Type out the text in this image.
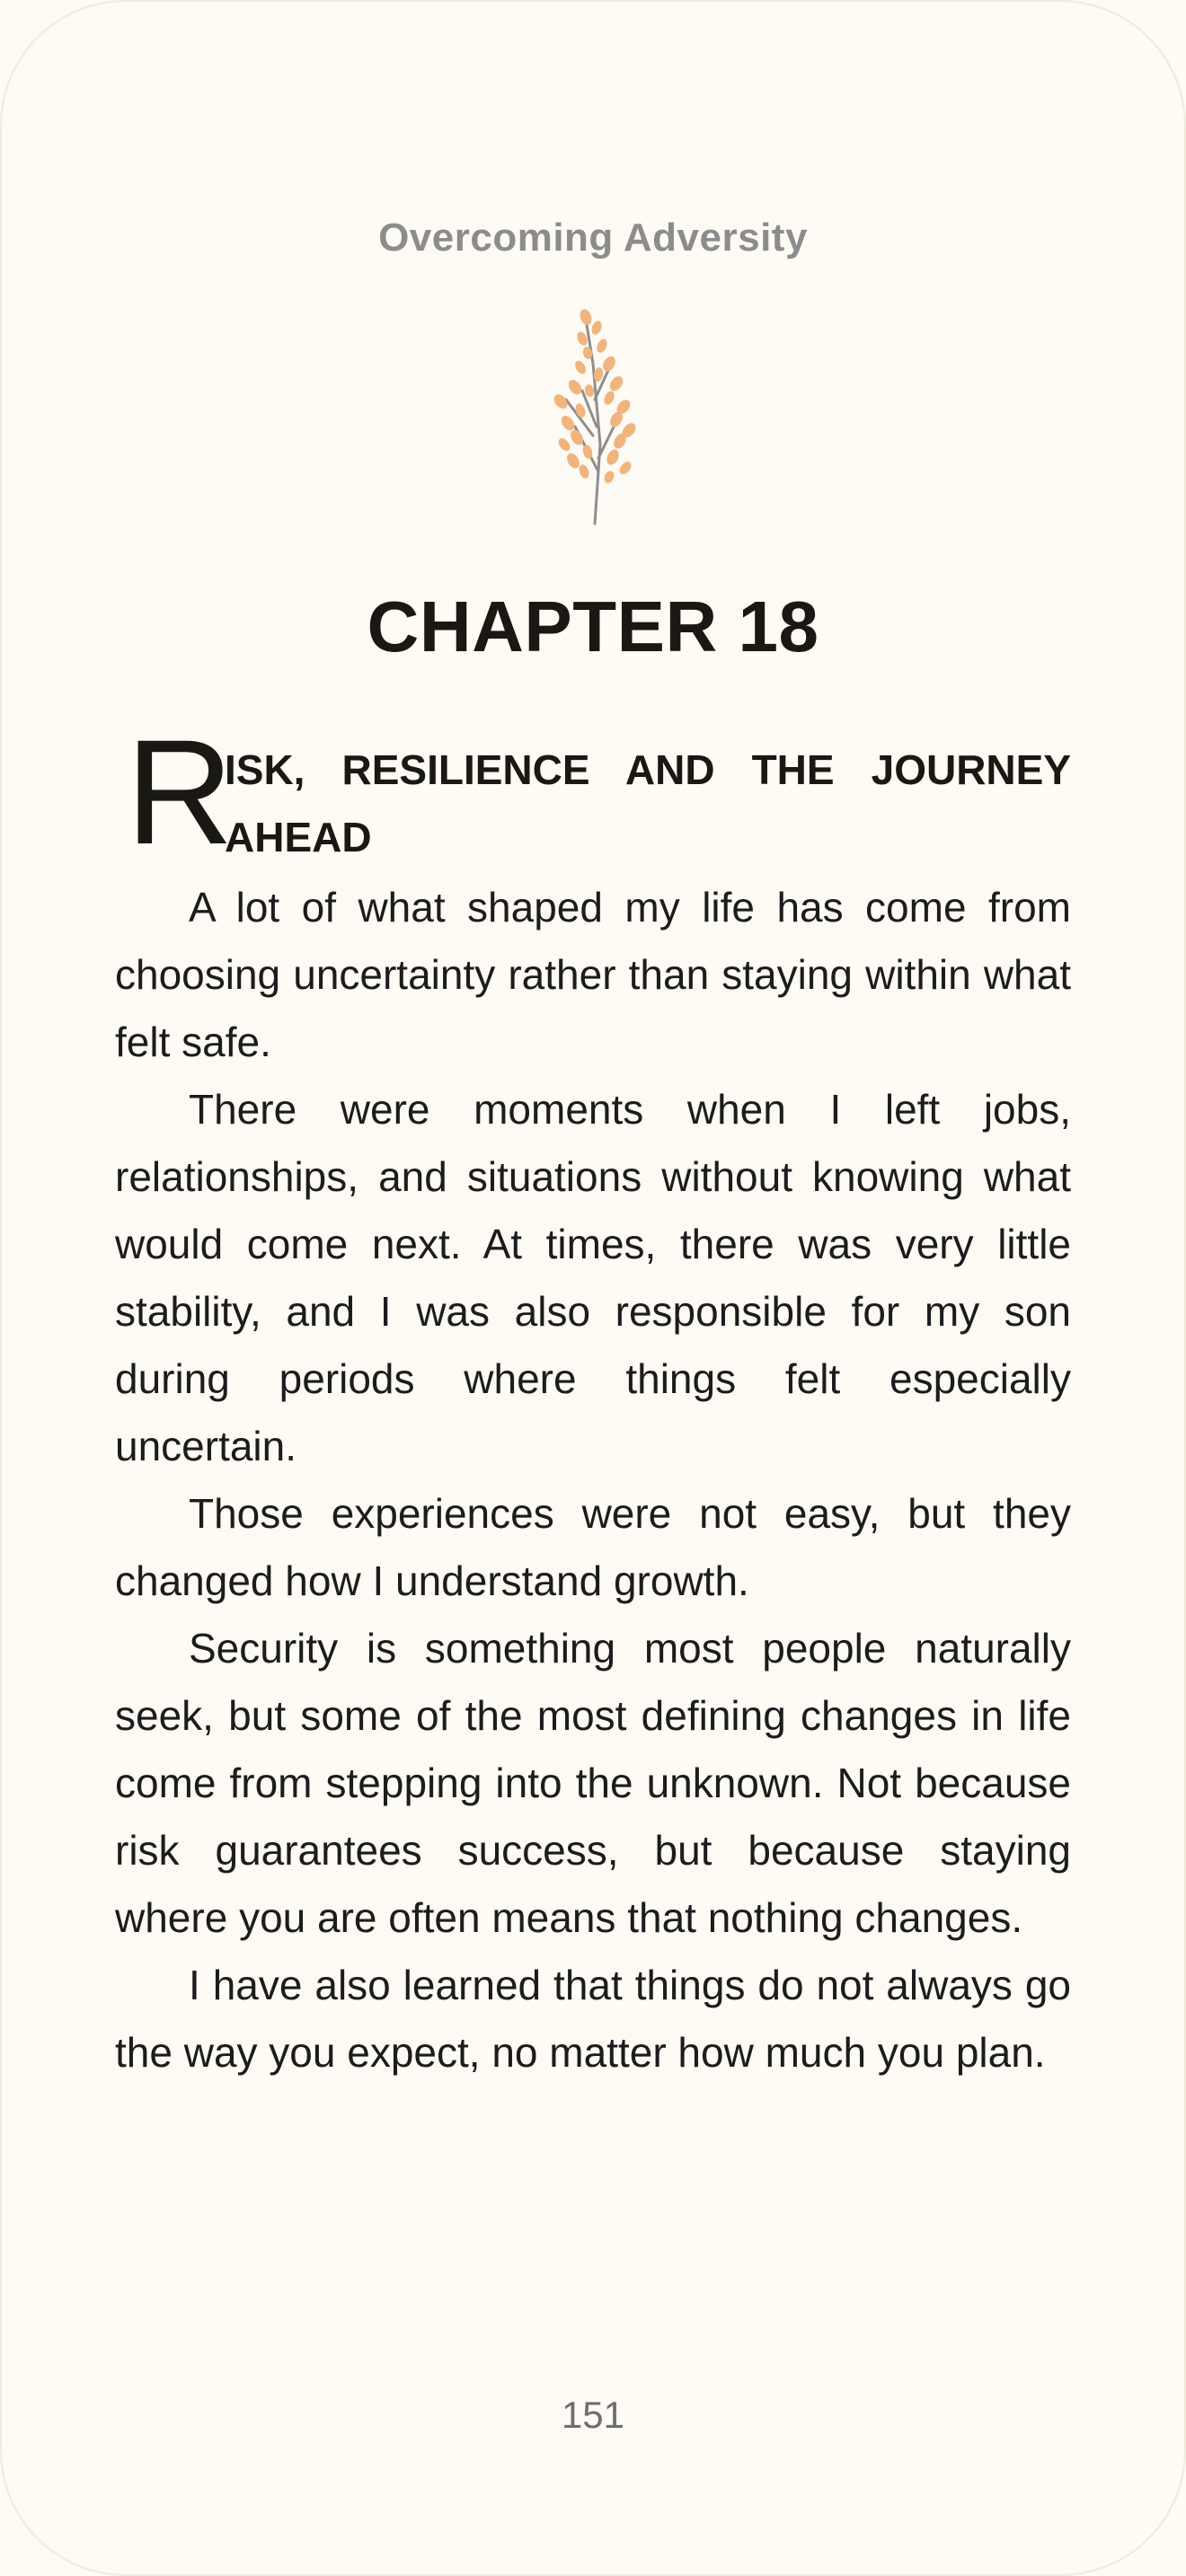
Overcoming Adversity
CHAPTER 18
R
ISK, RESILIENCE AND THE JOURNEY AHEAD

A lot of what shaped my life has come from choosing uncertainty rather than staying within what felt safe.

There were moments when I left jobs, relationships, and situations without knowing what would come next. At times, there was very little stability, and I was also responsible for my son during periods where things felt especially uncertain.

Those experiences were not easy, but they changed how I understand growth.

Security is something most people naturally seek, but some of the most defining changes in life come from stepping into the unknown. Not because risk guarantees success, but because staying where you are often means that nothing changes.

I have also learned that things do not always go the way you expect, no matter how much you plan.

151
